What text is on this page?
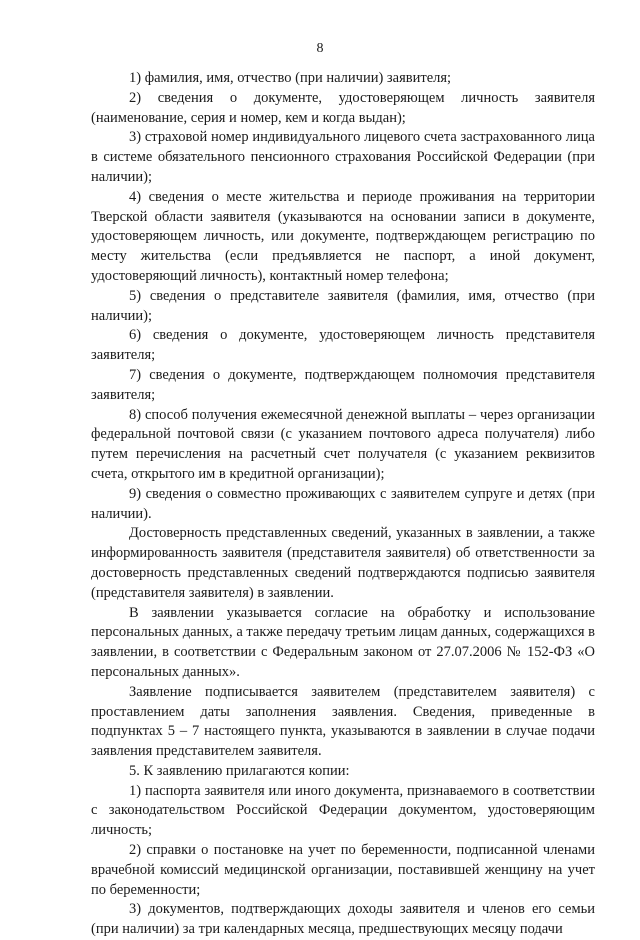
8

1) фамилия, имя, отчество (при наличии) заявителя;

2) сведения о документе, удостоверяющем личность заявителя (наименование, серия и номер, кем и когда выдан);

3) страховой номер индивидуального лицевого счета застрахованного лица в системе обязательного пенсионного страхования Российской Федерации (при наличии);

4) сведения о месте жительства и периоде проживания на территории Тверской области заявителя (указываются на основании записи в документе, удостоверяющем личность, или документе, подтверждающем регистрацию по месту жительства (если предъявляется не паспорт, а иной документ, удостоверяющий личность), контактный номер телефона;

5) сведения о представителе заявителя (фамилия, имя, отчество (при наличии);

6) сведения о документе, удостоверяющем личность представителя заявителя;

7) сведения о документе, подтверждающем полномочия представителя заявителя;

8) способ получения ежемесячной денежной выплаты – через организации федеральной почтовой связи (с указанием почтового адреса получателя) либо путем перечисления на расчетный счет получателя (с указанием реквизитов счета, открытого им в кредитной организации);

9) сведения о совместно проживающих с заявителем супруге и детях (при наличии).

Достоверность представленных сведений, указанных в заявлении, а также информированность заявителя (представителя заявителя) об ответственности за достоверность представленных сведений подтверждаются подписью заявителя (представителя заявителя) в заявлении.

В заявлении указывается согласие на обработку и использование персональных данных, а также передачу третьим лицам данных, содержащихся в заявлении, в соответствии с Федеральным законом от 27.07.2006 № 152-ФЗ «О персональных данных».

Заявление подписывается заявителем (представителем заявителя) с проставлением даты заполнения заявления. Сведения, приведенные в подпунктах 5 – 7 настоящего пункта, указываются в заявлении в случае подачи заявления представителем заявителя.

5. К заявлению прилагаются копии:

1) паспорта заявителя или иного документа, признаваемого в соответствии с законодательством Российской Федерации документом, удостоверяющим личность;

2) справки о постановке на учет по беременности, подписанной членами врачебной комиссий медицинской организации, поставившей женщину на учет по беременности;

3) документов, подтверждающих доходы заявителя и членов его семьи (при наличии) за три календарных месяца, предшествующих месяцу подачи
